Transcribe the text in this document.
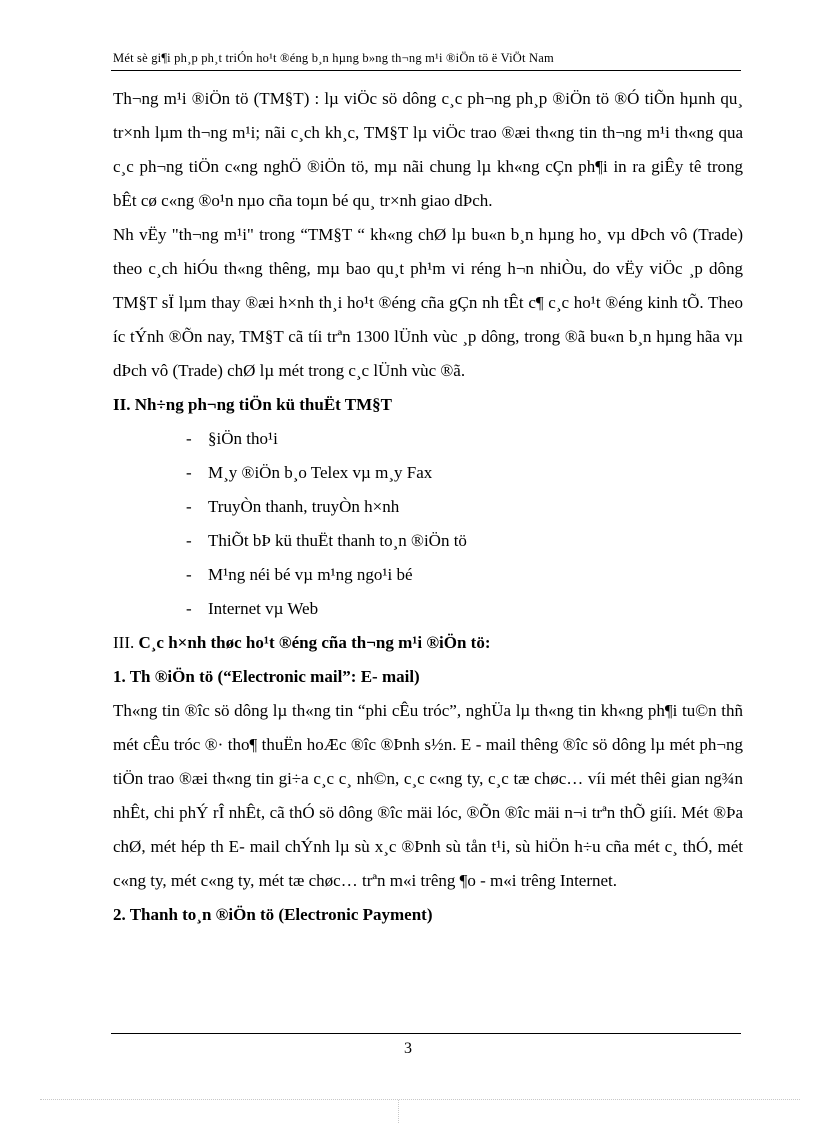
Mét sè gi¶i ph¸p ph¸t triÓn ho¹t ®éng b¸n hµng b»ng th¬ng m¹i ®iÖn tö ë ViÖt Nam

Th¬ng m¹i ®iÖn tö (TM§T) : lµ viÖc sö dông c¸c ph¬ng ph¸p ®iÖn tö ®Ó tiÕn hµnh qu¸ tr×nh lµm th¬ng m¹i; nãi c¸ch kh¸c, TM§T lµ viÖc trao ®æi th«ng tin th¬ng m¹i th«ng qua c¸c ph¬ng tiÖn c«ng nghÖ ®iÖn tö, mµ nãi chung lµ kh«ng cÇn ph¶i in ra giÊy tê trong bÊt cø c«ng ®o¹n nµo cña toµn bé qu¸ tr×nh giao dÞch.

Nh vËy "th¬ng m¹i" trong “TM§T “ kh«ng chØ lµ bu«n b¸n hµng ho¸ vµ dÞch vô (Trade) theo c¸ch hiÓu th«ng thêng, mµ bao qu¸t ph¹m vi réng h¬n nhiÒu, do vËy viÖc ¸p dông TM§T sÏ lµm thay ®æi h×nh th¸i ho¹t ®éng cña gÇn nh tÊt c¶ c¸c ho¹t ®éng kinh tÕ. Theo íc tÝnh ®Õn nay, TM§T cã tíi trªn 1300 lÜnh vùc ¸p dông, trong ®ã bu«n b¸n hµng hãa vµ dÞch vô (Trade) chØ lµ mét trong c¸c lÜnh vùc ®ã.

II. Nh÷ng ph¬ng tiÖn kü thuËt TM§T

- §iÖn tho¹i
- M¸y ®iÖn b¸o Telex vµ m¸y Fax
- TruyÒn thanh, truyÒn h×nh
- ThiÕt bÞ kü thuËt thanh to¸n ®iÖn tö
- M¹ng néi bé vµ m¹ng ngo¹i bé
- Internet vµ Web

III. C¸c h×nh thøc ho¹t ®éng cña th¬ng m¹i ®iÖn tö:

1. Th ®iÖn tö (“Electronic mail”: E- mail)

Th«ng tin ®îc sö dông lµ th«ng tin “phi cÊu tróc”, nghÜa lµ th«ng tin kh«ng ph¶i tu©n thñ mét cÊu tróc ®· tho¶ thuËn hoÆc ®îc ®Þnh s½n. E - mail thêng ®îc sö dông lµ mét ph¬ng tiÖn trao ®æi th«ng tin gi÷a c¸c c¸ nh©n, c¸c c«ng ty, c¸c tæ chøc… víi mét thêi gian ng¾n nhÊt, chi phÝ rÎ nhÊt, cã thÓ sö dông ®îc mäi lóc, ®Õn ®îc mäi n¬i trªn thÕ giíi. Mét ®Þa chØ, mét hép th E- mail chÝnh lµ sù x¸c ®Þnh sù tån t¹i, sù hiÖn h÷u cña mét c¸ thÓ, mét c«ng ty, mét c«ng ty, mét tæ chøc… trªn m«i trêng ¶o - m«i trêng Internet.

2. Thanh to¸n ®iÖn tö (Electronic Payment)

3
